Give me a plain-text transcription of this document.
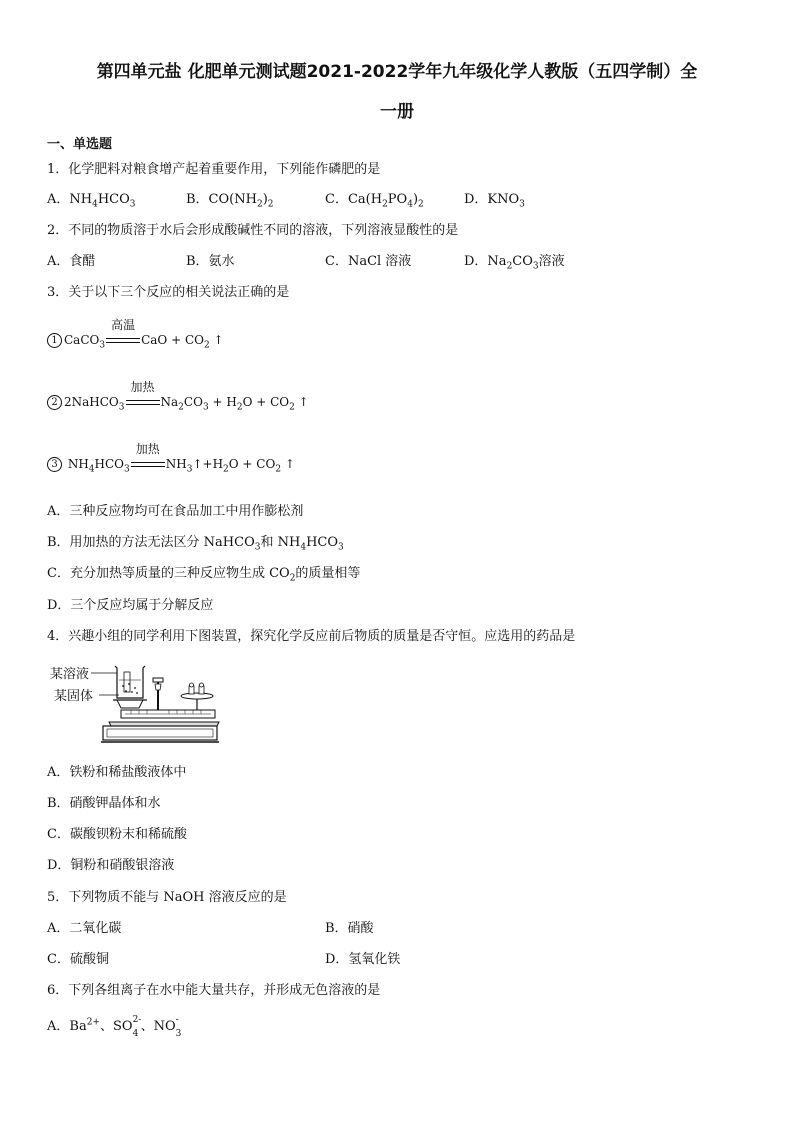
第四单元盐 化肥单元测试题2021-2022学年九年级化学人教版（五四学制）全
一册
一、单选题
1．化学肥料对粮食增产起着重要作用，下列能作磷肥的是
A．$NH_4HCO_3$	B．$CO(NH_2)_2$	C．$Ca(H_2PO_4)_2$	D．$KNO_3$
2．不同的物质溶于水后会形成酸碱性不同的溶液，下列溶液显酸性的是
A．食醋	B．氨水	C．NaCl 溶液	D．$Na_2CO_3$溶液
3．关于以下三个反应的相关说法正确的是
1 CaCO$_3$
高温
CaO + $CO_2$ ↑
2 2NaHCO$_3$
加热
$Na_2CO_3 + H_2O + CO_2$ ↑
3 $NH_4HCO_3$
加热
$NH_3↑+H_2O + CO_2$ ↑
A．三种反应物均可在食品加工中用作膨松剂
B．用加热的方法无法区分 NaHCO$_3$和 $NH_4HCO_3$
C．充分加热等质量的三种反应物生成 $CO_2$的质量相等
D．三个反应均属于分解反应
4．兴趣小组的同学利用下图装置，探究化学反应前后物质的质量是否守恒。应选用的药品是
某溶液
某固体
A．铁粉和稀盐酸液体中
B．硝酸钾晶体和水
C．碳酸钡粉末和稀硫酸
D．铜粉和硝酸银溶液
5．下列物质不能与 NaOH 溶液反应的是
A．二氧化碳	B．硝酸
C．硫酸铜	D．氢氧化铁
6．下列各组离子在水中能大量共存，并形成无色溶液的是
A．$Ba^{2+}$、SO 2-
4 、NO -
3
